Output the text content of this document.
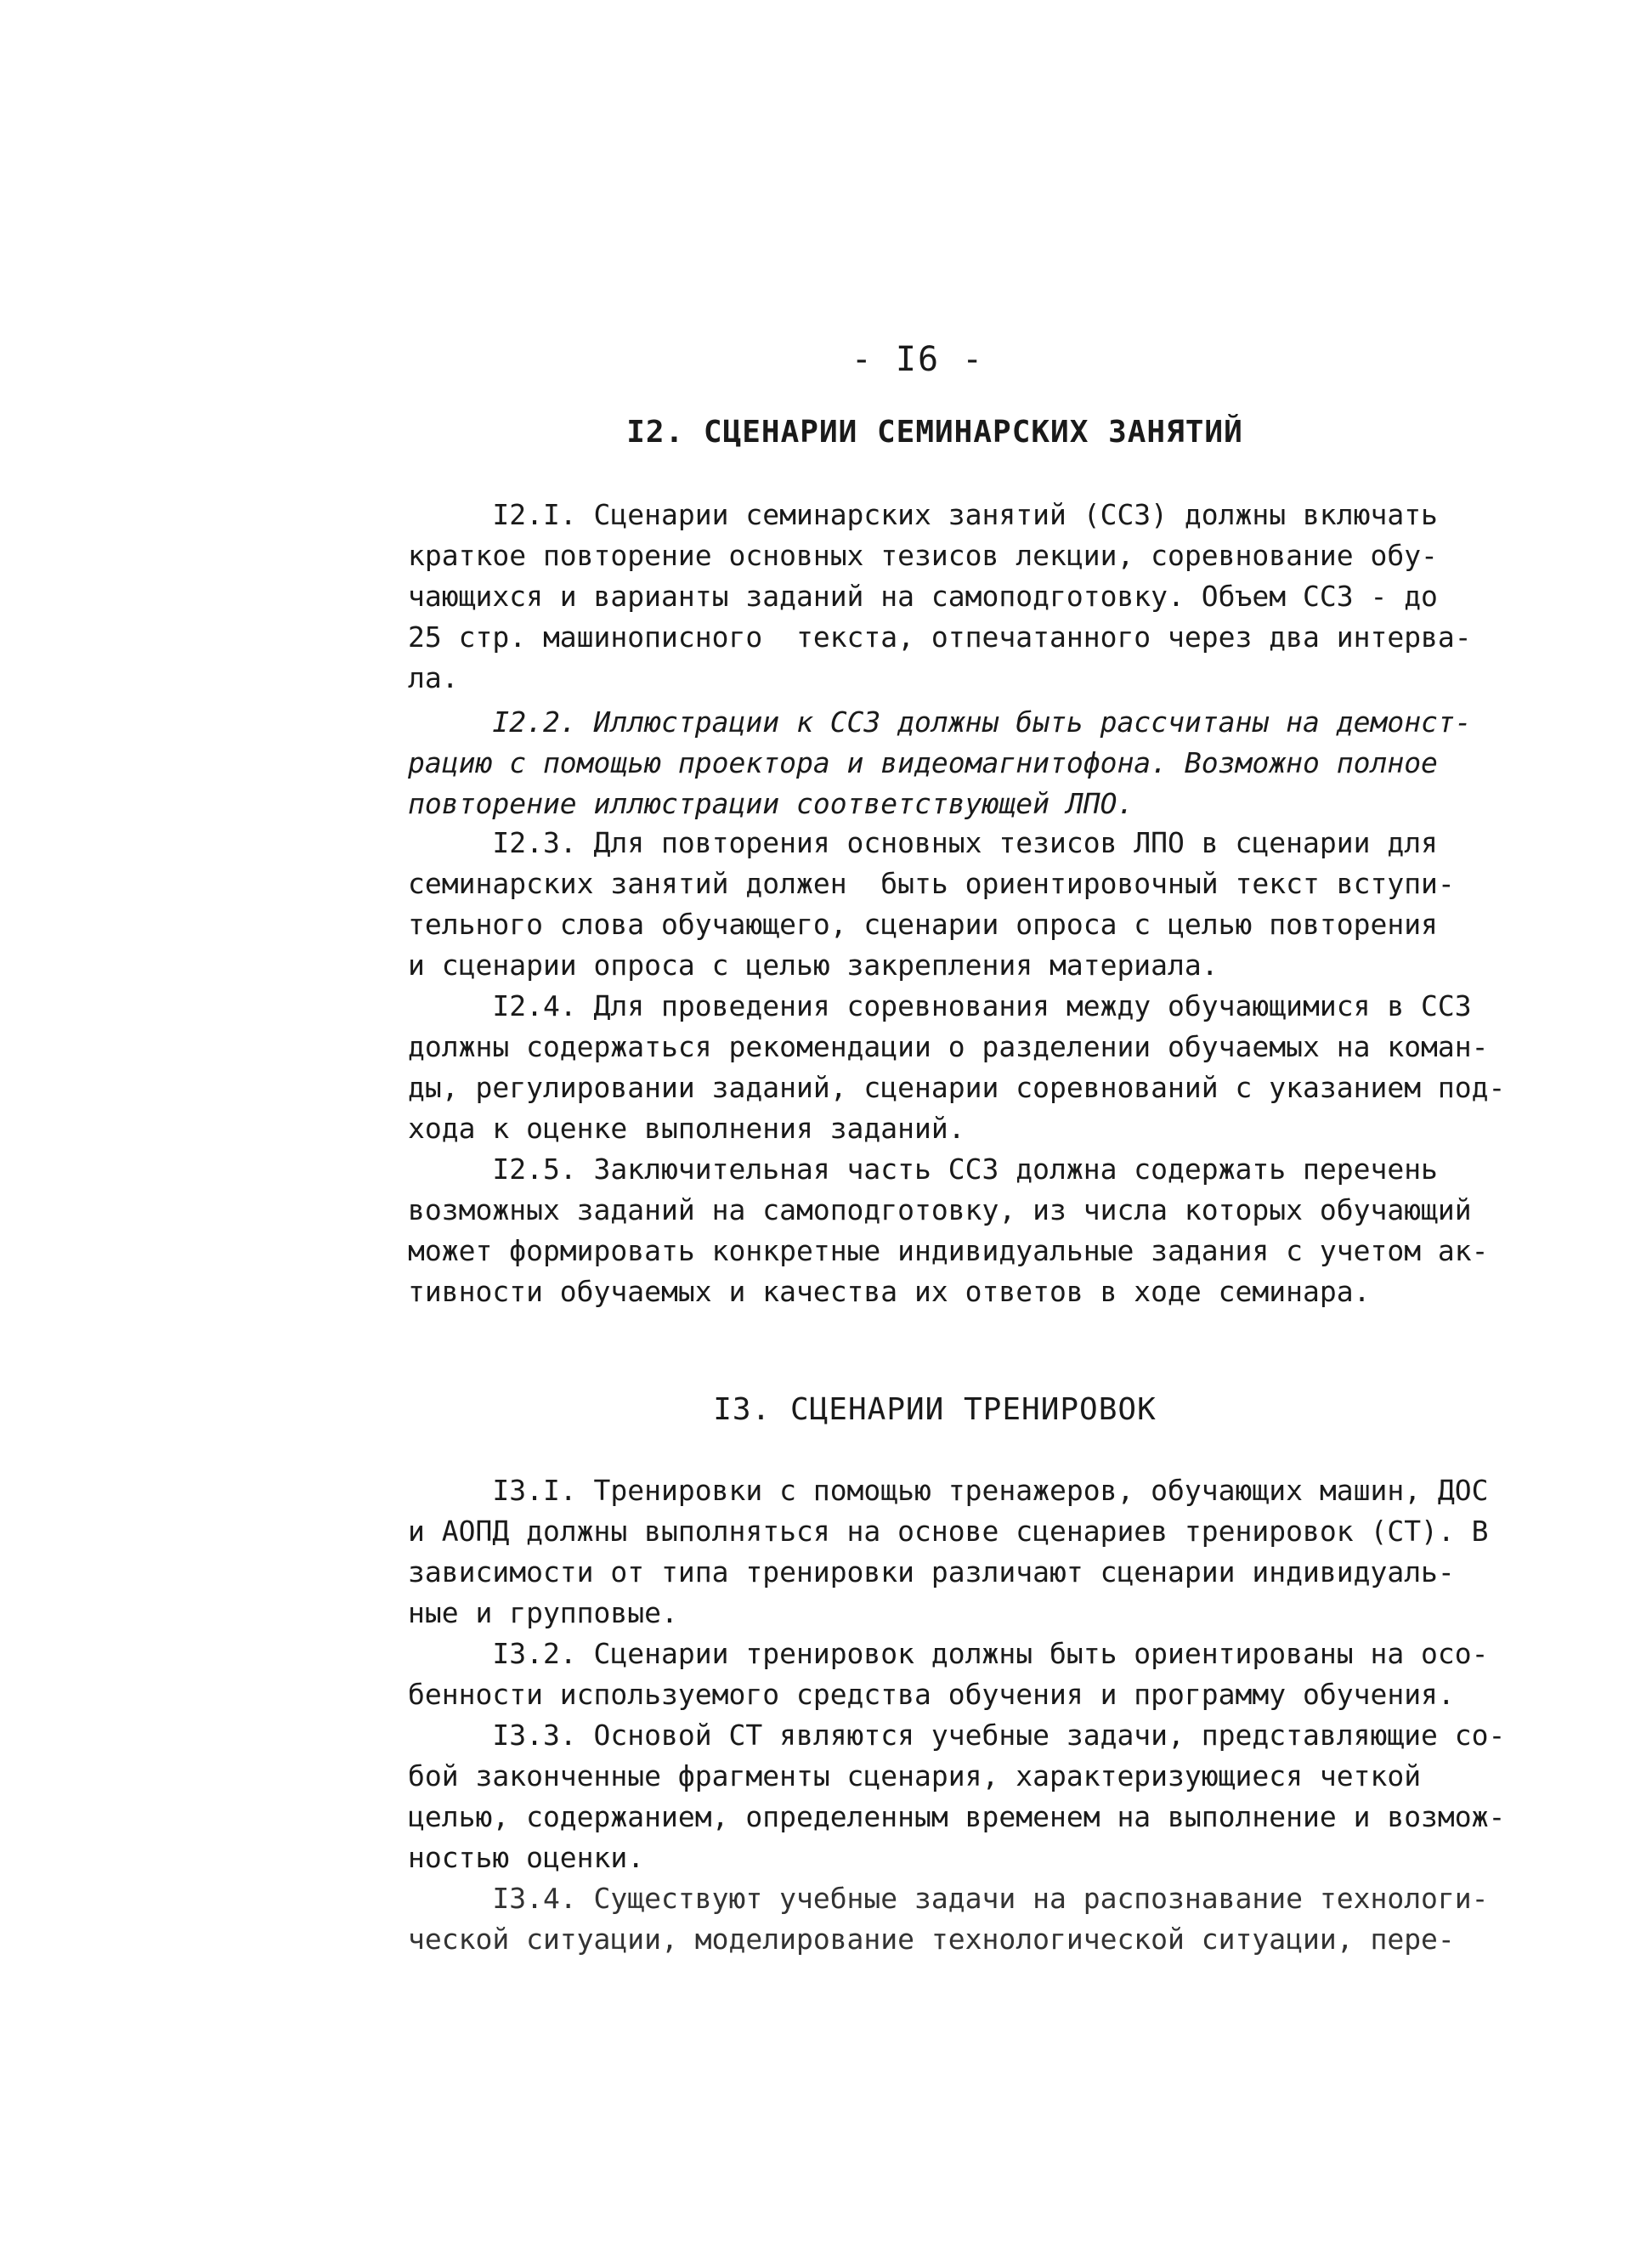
- I6 -
I2. СЦЕНАРИИ СЕМИНАРСКИХ ЗАНЯТИЙ

I2.I. Сценарии семинарских занятий (ССЗ) должны включать
краткое повторение основных тезисов лекции, соревнование обу-
чающихся и варианты заданий на самоподготовку. Объем ССЗ - до
25 стр. машинописного  текста, отпечатанного через два интерва-
ла.

I2.2. Иллюстрации к ССЗ должны быть рассчитаны на демонст-
рацию с помощью проектора и видеомагнитофона. Возможно полное
повторение иллюстрации соответствующей ЛПО.

I2.3. Для повторения основных тезисов ЛПО в сценарии для
семинарских занятий должен  быть ориентировочный текст вступи-
тельного слова обучающего, сценарии опроса с целью повторения
и сценарии опроса с целью закрепления материала.

I2.4. Для проведения соревнования между обучающимися в ССЗ
должны содержаться рекомендации о разделении обучаемых на коман-
ды, регулировании заданий, сценарии соревнований с указанием под-
хода к оценке выполнения заданий.

I2.5. Заключительная часть ССЗ должна содержать перечень
возможных заданий на самоподготовку, из числа которых обучающий
может формировать конкретные индивидуальные задания с учетом ак-
тивности обучаемых и качества их ответов в ходе семинара.

I3. СЦЕНАРИИ ТРЕНИРОВОК

I3.I. Тренировки с помощью тренажеров, обучающих машин, ДОС
и АОПД должны выполняться на основе сценариев тренировок (СТ). В
зависимости от типа тренировки различают сценарии индивидуаль-
ные и групповые.

I3.2. Сценарии тренировок должны быть ориентированы на осо-
бенности используемого средства обучения и программу обучения.

I3.3. Основой СТ являются учебные задачи, представляющие со-
бой законченные фрагменты сценария, характеризующиеся четкой
целью, содержанием, определенным временем на выполнение и возмож-
ностью оценки.

I3.4. Существуют учебные задачи на распознавание технологи-
ческой ситуации, моделирование технологической ситуации, пере-
